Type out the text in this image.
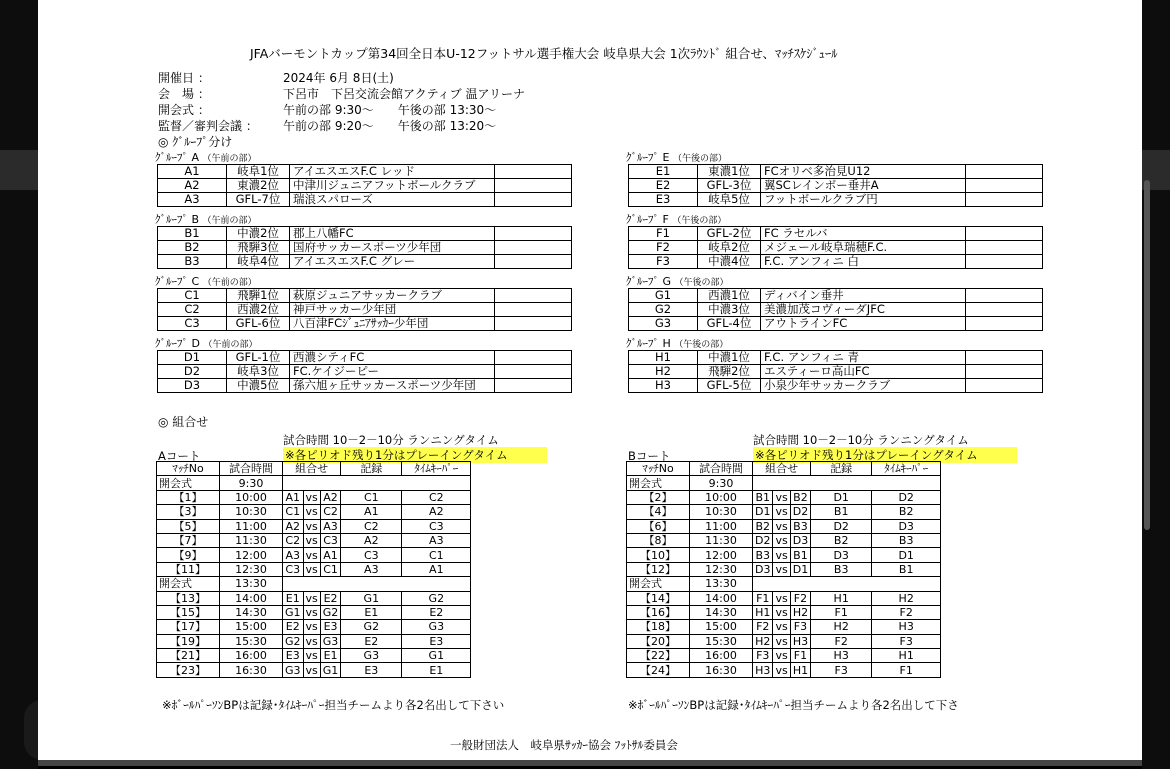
JFAバーモントカップ第34回全日本U-12フットサル選手権大会 岐阜県大会 1次ﾗｳﾝﾄﾞ 組合せ、ﾏｯﾁｽｹｼﾞｭｰﾙ
開催日 ：	2024年 6月 8日(土)
会　場 ：	下呂市　下呂交流会館アクティブ 温アリーナ
開会式 ：	午前の部 9:30～　　午後の部 13:30～
監督／審判会議 ： 午前の部 9:20～　　午後の部 13:20～
◎ ｸﾞﾙｰﾌﾟ分け
ｸﾞﾙｰﾌﾟ A （午前の部）
A1	岐阜1位	アイエスエスF.C レッド	
A2	東濃2位	中津川ジュニアフットボールクラブ	
A3	GFL-7位	瑞浪スパローズ	
ｸﾞﾙｰﾌﾟ B （午前の部）
B1	中濃2位	郡上八幡FC	
B2	飛騨3位	国府サッカースポーツ少年団	
B3	岐阜4位	アイエスエスF.C グレー	
ｸﾞﾙｰﾌﾟ C （午前の部）
C1	飛騨1位	萩原ジュニアサッカークラブ	
C2	西濃2位	神戸サッカー少年団	
C3	GFL-6位	八百津FCｼﾞｭﾆｱｻｯｶｰ少年団	
ｸﾞﾙｰﾌﾟ D （午前の部）
D1	GFL-1位	西濃シティFC	
D2	岐阜3位	FC.ケイジーピー	
D3	中濃5位	孫六旭ヶ丘サッカースポーツ少年団	
ｸﾞﾙｰﾌﾟ E （午後の部）
E1	東濃1位	FCオリベ多治見U12	
E2	GFL-3位	翼SCレインボー垂井A	
E3	岐阜5位	フットボールクラブ円	
ｸﾞﾙｰﾌﾟ F （午後の部）
F1	GFL-2位	FC ラセルバ	
F2	岐阜2位	メジェール岐阜瑞穂F.C.	
F3	中濃4位	F.C. アンフィニ 白	
ｸﾞﾙｰﾌﾟ G （午後の部）
G1	西濃1位	ディバイン垂井	
G2	中濃3位	美濃加茂コヴィーダJFC	
G3	GFL-4位	アウトラインFC	
ｸﾞﾙｰﾌﾟ H （午後の部）
H1	中濃1位	F.C. アンフィニ 青	
H2	飛騨2位	エスティーロ高山FC	
H3	GFL-5位	小泉少年サッカークラブ	
◎ 組合せ
試合時間 10－2－10分 ランニングタイム
Aコート	※各ピリオド残り1分はプレーイングタイム
ﾏｯﾁNo	試合時間	組合せ			記録	ﾀｲﾑｷｰﾊﾟｰ
開会式	9:30					
【1】	10:00	A1	vs	A2	C1	C2
【3】	10:30	C1	vs	C2	A1	A2
【5】	11:00	A2	vs	A3	C2	C3
【7】	11:30	C2	vs	C3	A2	A3
【9】	12:00	A3	vs	A1	C3	C1
【11】	12:30	C3	vs	C1	A3	A1
開会式	13:30					
【13】	14:00	E1	vs	E2	G1	G2
【15】	14:30	G1	vs	G2	E1	E2
【17】	15:00	E2	vs	E3	G2	G3
【19】	15:30	G2	vs	G3	E2	E3
【21】	16:00	E3	vs	E1	G3	G1
【23】	16:30	G3	vs	G1	E3	E1
試合時間 10－2－10分 ランニングタイム
Bコート	※各ピリオド残り1分はプレーイングタイム
ﾏｯﾁNo	試合時間	組合せ			記録	ﾀｲﾑｷｰﾊﾟｰ
開会式	9:30					
【2】	10:00	B1	vs	B2	D1	D2
【4】	10:30	D1	vs	D2	B1	B2
【6】	11:00	B2	vs	B3	D2	D3
【8】	11:30	D2	vs	D3	B2	B3
【10】	12:00	B3	vs	B1	D3	D1
【12】	12:30	D3	vs	D1	B3	B1
開会式	13:30					
【14】	14:00	F1	vs	F2	H1	H2
【16】	14:30	H1	vs	H2	F1	F2
【18】	15:00	F2	vs	F3	H2	H3
【20】	15:30	H2	vs	H3	F2	F3
【22】	16:00	F3	vs	F1	H3	H1
【24】	16:30	H3	vs	H1	F3	F1
※ﾎﾞｰﾙﾊﾟｰｿﾝBPは記録･ﾀｲﾑｷｰﾊﾟｰ担当チームより各2名出して下さい	※ﾎﾞｰﾙﾊﾟｰｿﾝBPは記録･ﾀｲﾑｷｰﾊﾟｰ担当チームより各2名出して下さ
一般財団法人　岐阜県ｻｯｶｰ協会 ﾌｯﾄｻﾙ委員会
